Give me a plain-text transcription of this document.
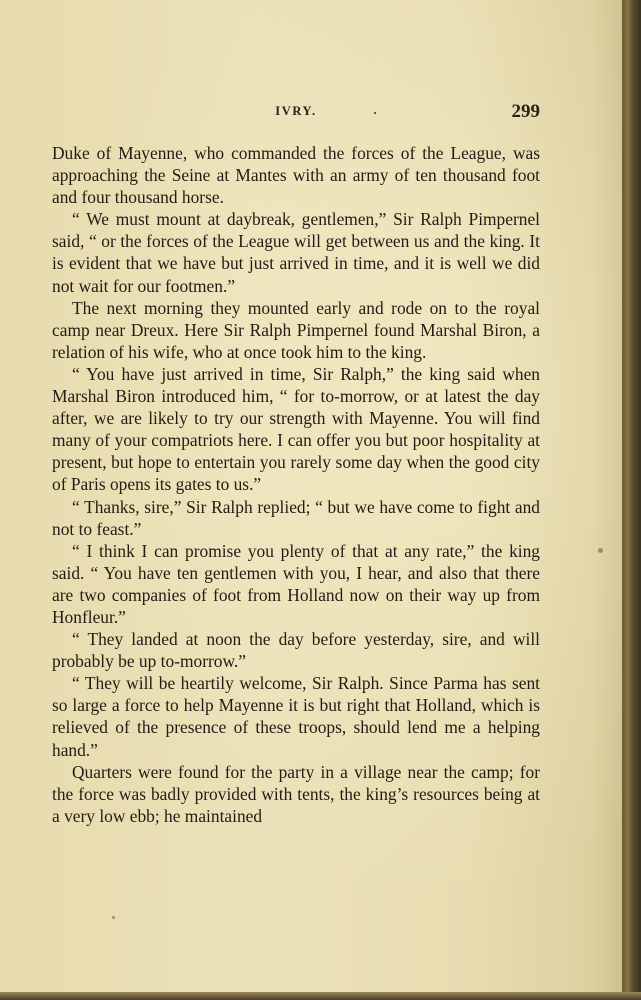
IVRY.	299

Duke of Mayenne, who commanded the forces of the League, was approaching the Seine at Mantes with an army of ten thousand foot and four thousand horse.

“ We must mount at daybreak, gentlemen,” Sir Ralph Pimpernel said, “ or the forces of the League will get between us and the king. It is evident that we have but just arrived in time, and it is well we did not wait for our footmen.”

The next morning they mounted early and rode on to the royal camp near Dreux. Here Sir Ralph Pimpernel found Marshal Biron, a relation of his wife, who at once took him to the king.

“ You have just arrived in time, Sir Ralph,” the king said when Marshal Biron introduced him, “ for to-morrow, or at latest the day after, we are likely to try our strength with Mayenne. You will find many of your compatriots here. I can offer you but poor hospitality at present, but hope to entertain you rarely some day when the good city of Paris opens its gates to us.”

“ Thanks, sire,” Sir Ralph replied; “ but we have come to fight and not to feast.”

“ I think I can promise you plenty of that at any rate,” the king said. “ You have ten gentlemen with you, I hear, and also that there are two companies of foot from Holland now on their way up from Honfleur.”

“ They landed at noon the day before yesterday, sire, and will probably be up to-morrow.”

“ They will be heartily welcome, Sir Ralph. Since Parma has sent so large a force to help Mayenne it is but right that Holland, which is relieved of the presence of these troops, should lend me a helping hand.”

Quarters were found for the party in a village near the camp; for the force was badly provided with tents, the king’s resources being at a very low ebb; he maintained
